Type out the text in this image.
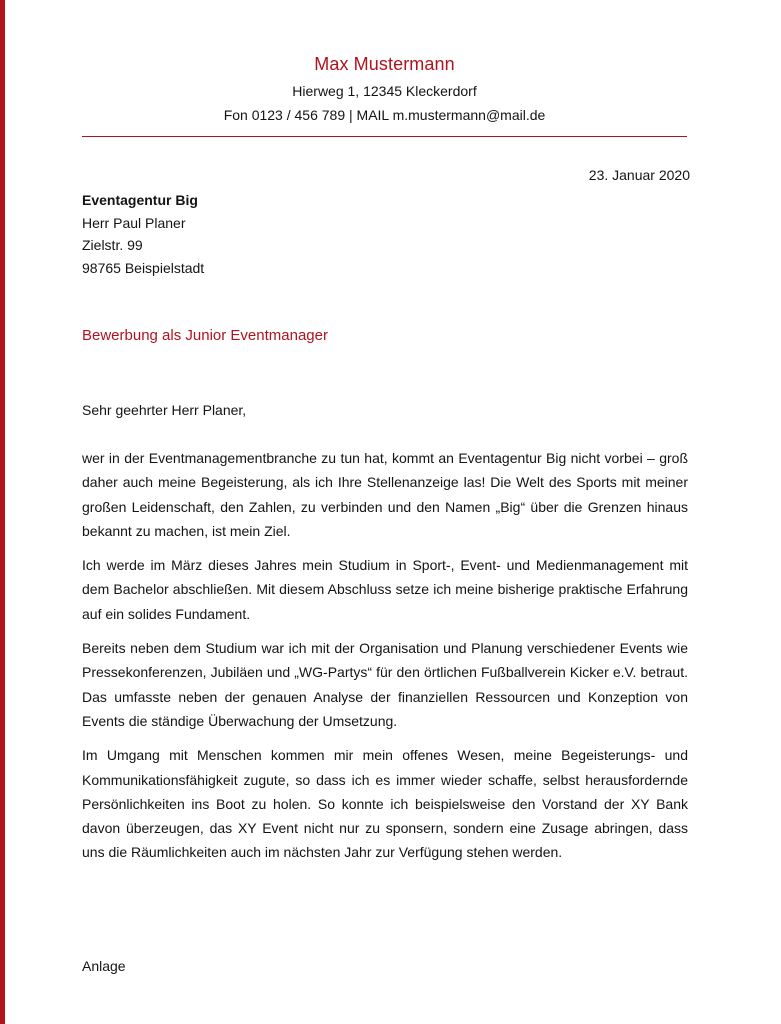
Max Mustermann
Hierweg 1, 12345 Kleckerdorf
Fon 0123 / 456 789 | MAIL m.mustermann@mail.de
23. Januar 2020
Eventagentur Big
Herr Paul Planer
Zielstr. 99
98765 Beispielstadt
Bewerbung als Junior Eventmanager
Sehr geehrter Herr Planer,

wer in der Eventmanagementbranche zu tun hat, kommt an Eventagentur Big nicht vorbei – groß daher auch meine Begeisterung, als ich Ihre Stellenanzeige las! Die Welt des Sports mit meiner großen Leidenschaft, den Zahlen, zu verbinden und den Namen „Big“ über die Grenzen hinaus bekannt zu machen, ist mein Ziel.

Ich werde im März dieses Jahres mein Studium in Sport-, Event- und Medienmanagement mit dem Bachelor abschließen. Mit diesem Abschluss setze ich meine bisherige praktische Erfahrung auf ein solides Fundament.

Bereits neben dem Studium war ich mit der Organisation und Planung verschiedener Events wie Pressekonferenzen, Jubiläen und „WG-Partys“ für den örtlichen Fußballverein Kicker e.V. betraut. Das umfasste neben der genauen Analyse der finanziellen Ressourcen und Konzeption von Events die ständige Überwachung der Umsetzung.

Im Umgang mit Menschen kommen mir mein offenes Wesen, meine Begeisterungs- und Kommunikationsfähigkeit zugute, so dass ich es immer wieder schaffe, selbst herausfordernde Persönlichkeiten ins Boot zu holen. So konnte ich beispielsweise den Vorstand der XY Bank davon überzeugen, das XY Event nicht nur zu sponsern, sondern eine Zusage abringen, dass uns die Räumlichkeiten auch im nächsten Jahr zur Verfügung stehen werden.

Anlage
